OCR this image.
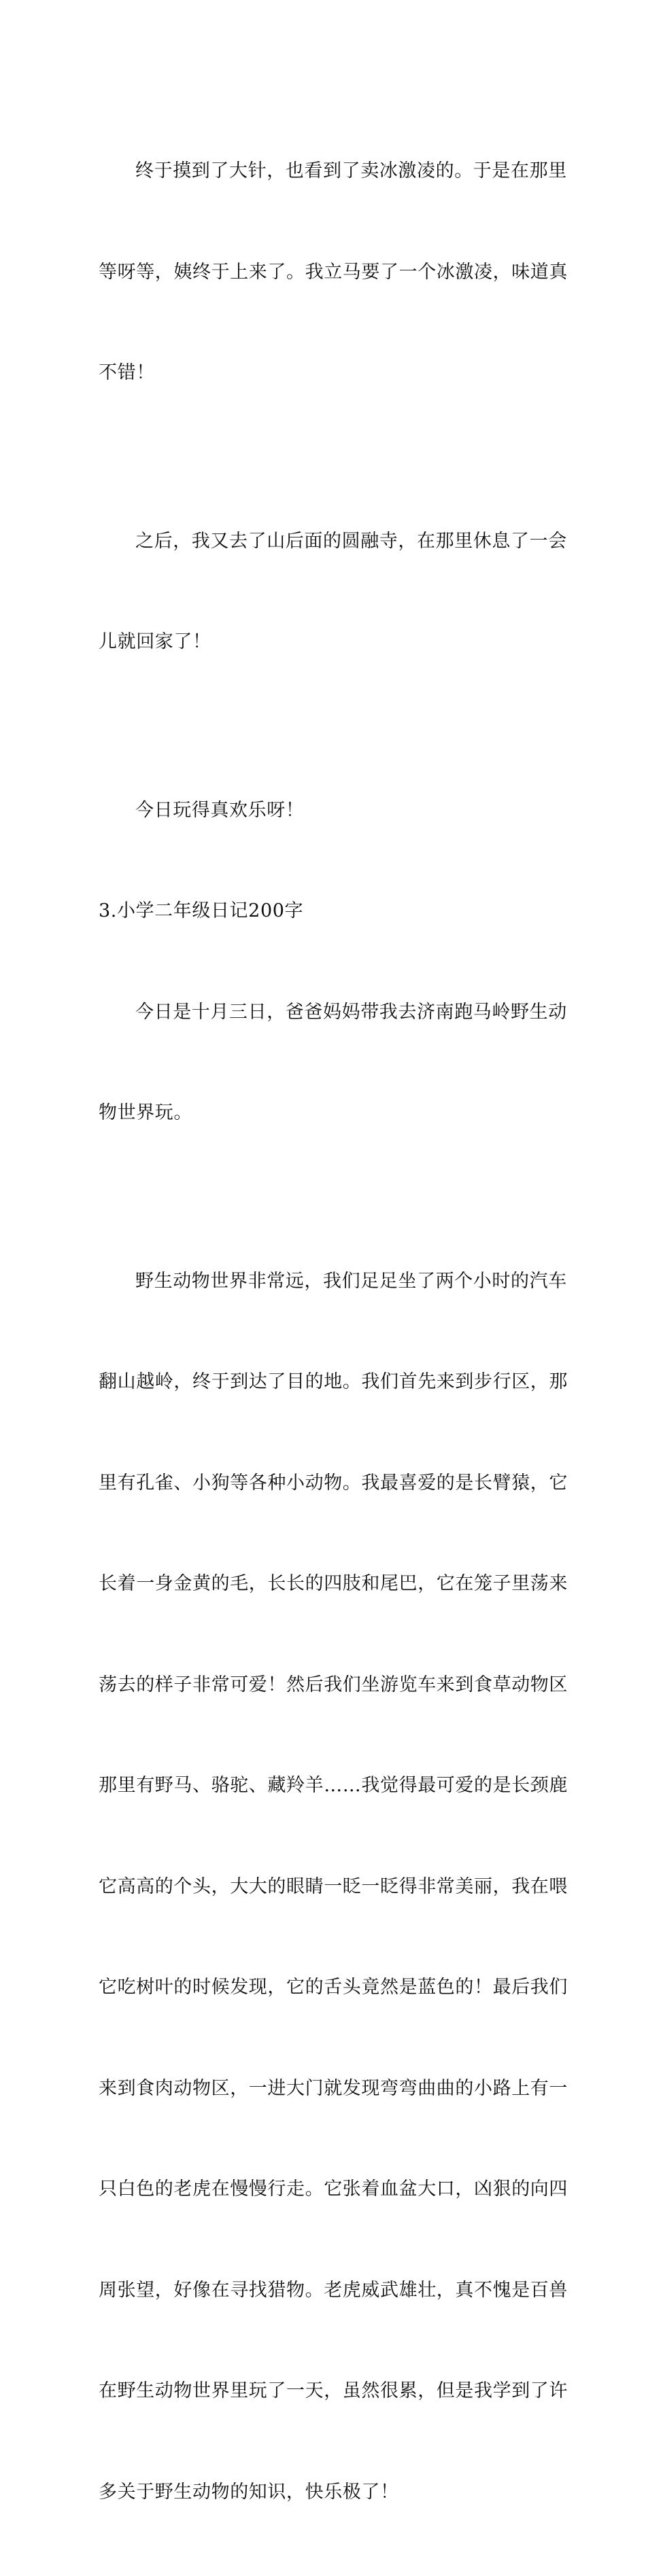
终于摸到了大针，也看到了卖冰激凌的。于是在那里

等呀等，姨终于上来了。我立马要了一个冰激凌，味道真

不错！

之后，我又去了山后面的圆融寺，在那里休息了一会

儿就回家了！

今日玩得真欢乐呀！

3.小学二年级日记200字

今日是十月三日，爸爸妈妈带我去济南跑马岭野生动

物世界玩。

野生动物世界非常远，我们足足坐了两个小时的汽车

翻山越岭，终于到达了目的地。我们首先来到步行区，那

里有孔雀、小狗等各种小动物。我最喜爱的是长臂猿，它

长着一身金黄的毛，长长的四肢和尾巴，它在笼子里荡来

荡去的样子非常可爱！然后我们坐游览车来到食草动物区

那里有野马、骆驼、藏羚羊……我觉得最可爱的是长颈鹿

它高高的个头，大大的眼睛一眨一眨得非常美丽，我在喂

它吃树叶的时候发现，它的舌头竟然是蓝色的！最后我们

来到食肉动物区，一进大门就发现弯弯曲曲的小路上有一

只白色的老虎在慢慢行走。它张着血盆大口，凶狠的向四

周张望，好像在寻找猎物。老虎威武雄壮，真不愧是百兽

在野生动物世界里玩了一天，虽然很累，但是我学到了许

多关于野生动物的知识，快乐极了！
